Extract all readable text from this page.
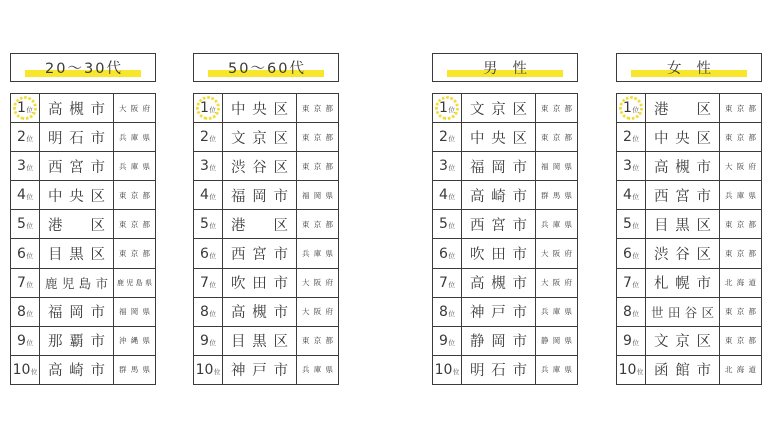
20～30代
1 位 高 槻 市 大 阪 府
2 位 明 石 市 兵 庫 県
3 位 西 宮 市 兵 庫 県
4 位 中 央 区 東 京 都
5 位 港 区 東 京 都
6 位 目 黒 区 東 京 都
7 位 鹿 児 島 市 鹿 児 島 県
8 位 福 岡 市 福 岡 県
9 位 那 覇 市 沖 縄 県
10 位 高 崎 市 群 馬 県
50～60代
1 位 中 央 区 東 京 都
2 位 文 京 区 東 京 都
3 位 渋 谷 区 東 京 都
4 位 福 岡 市 福 岡 県
5 位 港 区 東 京 都
6 位 西 宮 市 兵 庫 県
7 位 吹 田 市 大 阪 府
8 位 高 槻 市 大 阪 府
9 位 目 黒 区 東 京 都
10 位 神 戸 市 兵 庫 県
男性
1 位 文 京 区 東 京 都
2 位 中 央 区 東 京 都
3 位 福 岡 市 福 岡 県
4 位 高 崎 市 群 馬 県
5 位 西 宮 市 兵 庫 県
6 位 吹 田 市 大 阪 府
7 位 高 槻 市 大 阪 府
8 位 神 戸 市 兵 庫 県
9 位 静 岡 市 静 岡 県
10 位 明 石 市 兵 庫 県
女性
1 位 港 区 東 京 都
2 位 中 央 区 東 京 都
3 位 高 槻 市 大 阪 府
4 位 西 宮 市 兵 庫 県
5 位 目 黒 区 東 京 都
6 位 渋 谷 区 東 京 都
7 位 札 幌 市 北 海 道
8 位 世 田 谷 区 東 京 都
9 位 文 京 区 東 京 都
10 位 函 館 市 北 海 道
